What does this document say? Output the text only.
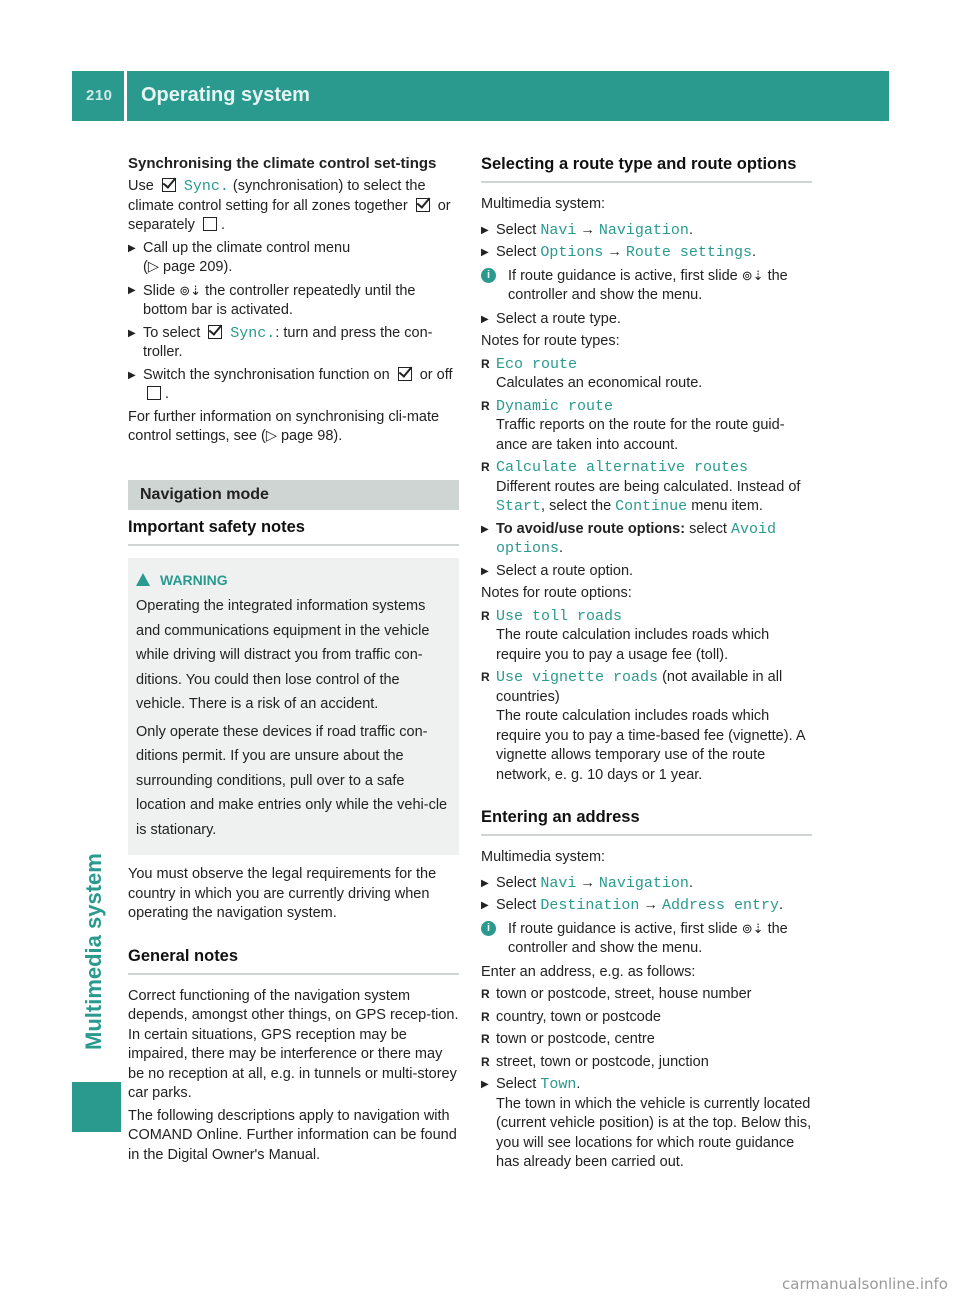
210	Operating system
Multimedia system
Synchronising the climate control set-tings

Use Sync. (synchronisation) to select the climate control setting for all zones together or separately .

▶ Call up the climate control menu
(▷ page 209).
▶ Slide ⊚⇣ the controller repeatedly until the bottom bar is activated.
▶ To select Sync.: turn and press the con-troller.
▶ Switch the synchronisation function on or off .

For further information on synchronising cli-mate control settings, see (▷ page 98).

Navigation mode
Important safety notes
WARNING

Operating the integrated information systems and communications equipment in the vehicle while driving will distract you from traffic con-ditions. You could then lose control of the vehicle. There is a risk of an accident.

Only operate these devices if road traffic con-ditions permit. If you are unsure about the surrounding conditions, pull over to a safe location and make entries only while the vehi-cle is stationary.

You must observe the legal requirements for the country in which you are currently driving when operating the navigation system.

General notes

Correct functioning of the navigation system depends, amongst other things, on GPS recep-tion. In certain situations, GPS reception may be impaired, there may be interference or there may be no reception at all, e.g. in tunnels or multi-storey car parks.

The following descriptions apply to navigation with COMAND Online. Further information can be found in the Digital Owner's Manual.

Selecting a route type and route options

Multimedia system:

▶ Select Navi → Navigation.
▶ Select Options → Route settings.
i	If route guidance is active, first slide ⊚⇣ the controller and show the menu.
▶ Select a route type.

Notes for route types:

R Eco route
Calculates an economical route.
R Dynamic route
Traffic reports on the route for the route guid-ance are taken into account.
R Calculate alternative routes
Different routes are being calculated. Instead of Start, select the Continue menu item.
▶ To avoid/use route options: select Avoid options.
▶ Select a route option.

Notes for route options:

R Use toll roads
The route calculation includes roads which require you to pay a usage fee (toll).
R Use vignette roads (not available in all countries)
The route calculation includes roads which require you to pay a time-based fee (vignette). A vignette allows temporary use of the route network, e. g. 10 days or 1 year.
Entering an address

Multimedia system:

▶ Select Navi → Navigation.
▶ Select Destination → Address entry.
i	If route guidance is active, first slide ⊚⇣ the controller and show the menu.

Enter an address, e.g. as follows:

R town or postcode, street, house number
R country, town or postcode
R town or postcode, centre
R street, town or postcode, junction
▶ Select Town.
The town in which the vehicle is currently located (current vehicle position) is at the top. Below this, you will see locations for which route guidance has already been carried out.
carmanualsonline.info
